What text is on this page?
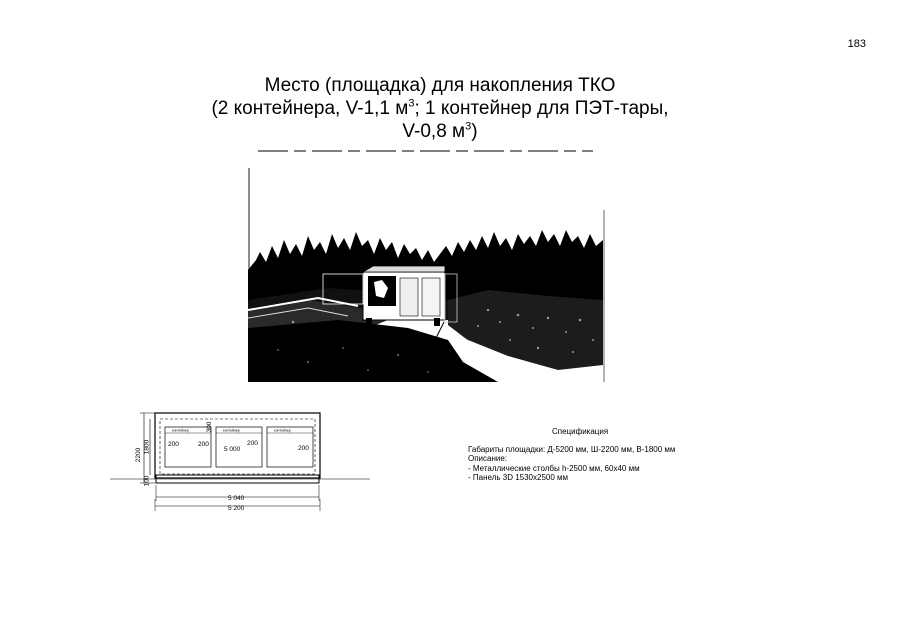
183
Место (площадка) для накопления ТКО
(2 контейнера, V-1,1 $м^3$; 1 контейнер для ПЭТ-тары,
V-0,8 $м^3$)
контейнер	контейнер	контейнер
2200
1800
100
300
200	200	200
200
5 000
5 040
5 200
Спецификация
Габариты площадки: Д-5200 мм, Ш-2200 мм, В-1800 мм
Описание:
- Металлические столбы h-2500 мм, 60x40 мм
- Панель 3D 1530x2500 мм
